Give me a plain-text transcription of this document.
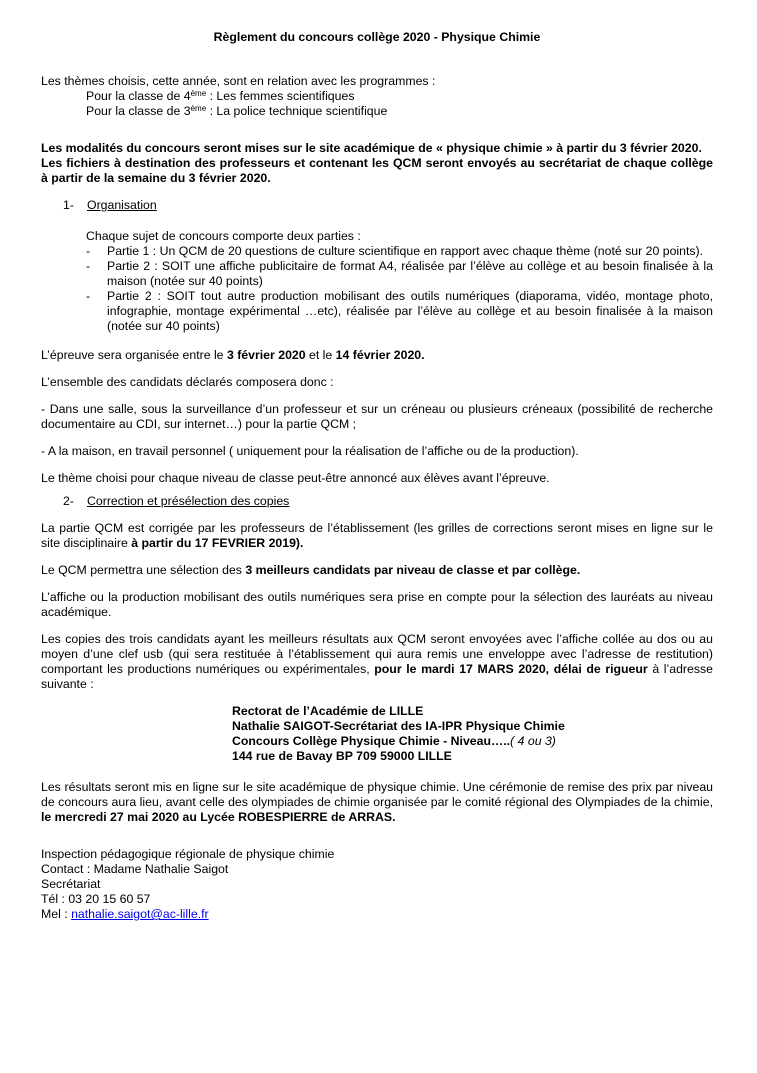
Règlement du concours collège 2020 - Physique Chimie

Les thèmes choisis, cette année, sont en relation avec les programmes :

Pour la classe de 4ème : Les femmes scientifiques

Pour la classe de 3ème : La police technique scientifique

Les modalités du concours seront mises sur le site académique de « physique chimie » à partir du 3 février 2020.

Les fichiers à destination des professeurs et contenant les QCM seront envoyés au secrétariat de chaque collège à partir de la semaine du 3 février 2020.

1-	Organisation

Chaque sujet de concours comporte deux parties :

-	Partie 1 : Un QCM de 20 questions de culture scientifique en rapport avec chaque thème (noté sur 20 points).
-	Partie 2 : SOIT une affiche publicitaire de format A4, réalisée par l’élève au collège et au besoin finalisée à la maison (notée sur 40 points)
-	Partie 2 : SOIT tout autre production mobilisant des outils numériques (diaporama, vidéo, montage photo, infographie, montage expérimental …etc), réalisée par l’élève au collège et au besoin finalisée à la maison (notée sur 40 points)

L’épreuve sera organisée entre le 3 février 2020 et le 14 février 2020.

L’ensemble des candidats déclarés composera donc :

- Dans une salle, sous la surveillance d’un professeur et sur un créneau ou plusieurs créneaux (possibilité de recherche documentaire au CDI, sur internet…) pour la partie QCM ;

- A la maison, en travail personnel ( uniquement pour la réalisation de l’affiche ou de la production).

Le thème choisi pour chaque niveau de classe peut-être annoncé aux élèves avant l’épreuve.

2-	Correction et présélection des copies

La partie QCM est corrigée par les professeurs de l’établissement (les grilles de corrections seront mises en ligne sur le site disciplinaire à partir du 17 FEVRIER 2019).

Le QCM permettra une sélection des 3 meilleurs candidats par niveau de classe et par collège.

L’affiche ou la production mobilisant des outils numériques sera prise en compte pour la sélection des lauréats au niveau académique.

Les copies des trois candidats ayant les meilleurs résultats aux QCM seront envoyées avec l’affiche collée au dos ou au moyen d’une clef usb (qui sera restituée à l’établissement qui aura remis une enveloppe avec l’adresse de restitution) comportant les productions numériques ou expérimentales, pour le mardi 17 MARS 2020, délai de rigueur à l’adresse suivante :

Rectorat de l’Académie de LILLE
Nathalie SAIGOT-Secrétariat des IA-IPR Physique Chimie
Concours Collège Physique Chimie - Niveau…..( 4 ou 3)
144 rue de Bavay BP 709 59000 LILLE

Les résultats seront mis en ligne sur le site académique de physique chimie. Une cérémonie de remise des prix par niveau de concours aura lieu, avant celle des olympiades de chimie organisée par le comité régional des Olympiades de la chimie, le mercredi 27 mai 2020 au Lycée ROBESPIERRE de ARRAS.

Inspection pédagogique régionale de physique chimie
Contact : Madame Nathalie Saigot
Secrétariat
Tél : 03 20 15 60 57
Mel : nathalie.saigot@ac-lille.fr
